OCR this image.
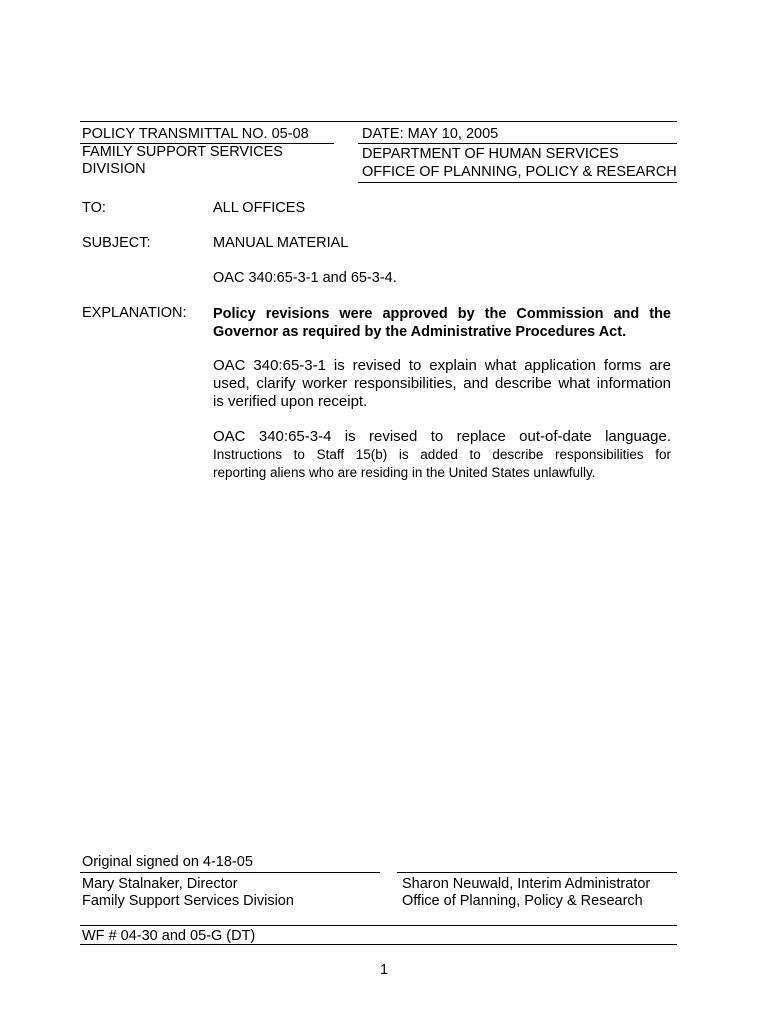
POLICY TRANSMITTAL NO. 05-08
FAMILY SUPPORT SERVICES
DIVISION
DATE: MAY 10, 2005
DEPARTMENT OF HUMAN SERVICES
OFFICE OF PLANNING, POLICY & RESEARCH
TO:	ALL OFFICES
SUBJECT:	MANUAL MATERIAL
OAC 340:65-3-1 and 65-3-4.
EXPLANATION: Policy revisions were approved by the Commission and the
Governor as required by the Administrative Procedures Act.
OAC 340:65-3-1 is revised to explain what application forms are
used, clarify worker responsibilities, and describe what information
is verified upon receipt.
OAC 340:65-3-4 is revised to replace out-of-date language.
Instructions to Staff 15(b) is added to describe responsibilities for
reporting aliens who are residing in the United States unlawfully.
Original signed on 4-18-05
Mary Stalnaker, Director
Family Support Services Division
Sharon Neuwald, Interim Administrator
Office of Planning, Policy & Research
WF # 04-30 and 05-G (DT)
1
